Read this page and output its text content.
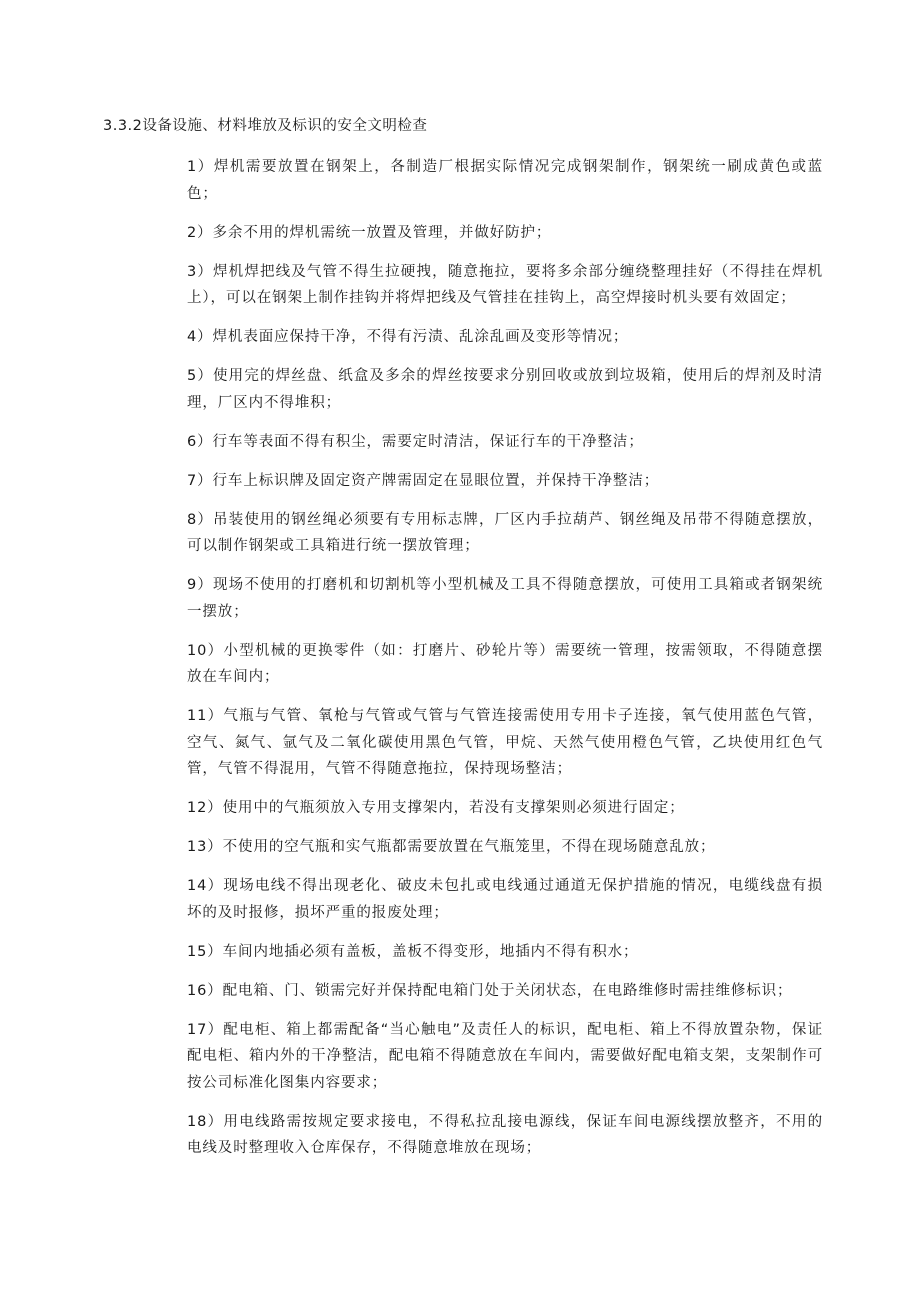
3.3.2设备设施、材料堆放及标识的安全文明检查
1）焊机需要放置在钢架上，各制造厂根据实际情况完成钢架制作，钢架统一刷成黄色或蓝色；
2）多余不用的焊机需统一放置及管理，并做好防护；
3）焊机焊把线及气管不得生拉硬拽，随意拖拉，要将多余部分缠绕整理挂好（不得挂在焊机上），可以在钢架上制作挂钩并将焊把线及气管挂在挂钩上，高空焊接时机头要有效固定；
4）焊机表面应保持干净，不得有污渍、乱涂乱画及变形等情况；
5）使用完的焊丝盘、纸盒及多余的焊丝按要求分别回收或放到垃圾箱，使用后的焊剂及时清理，厂区内不得堆积；
6）行车等表面不得有积尘，需要定时清洁，保证行车的干净整洁；
7）行车上标识牌及固定资产牌需固定在显眼位置，并保持干净整洁；
8）吊装使用的钢丝绳必须要有专用标志牌，厂区内手拉葫芦、钢丝绳及吊带不得随意摆放，可以制作钢架或工具箱进行统一摆放管理；
9）现场不使用的打磨机和切割机等小型机械及工具不得随意摆放，可使用工具箱或者钢架统一摆放；
10）小型机械的更换零件（如：打磨片、砂轮片等）需要统一管理，按需领取，不得随意摆放在车间内；
11）气瓶与气管、氧枪与气管或气管与气管连接需使用专用卡子连接，氧气使用蓝色气管，空气、氮气、氩气及二氧化碳使用黑色气管，甲烷、天然气使用橙色气管，乙块使用红色气管，气管不得混用，气管不得随意拖拉，保持现场整洁；
12）使用中的气瓶须放入专用支撑架内，若没有支撑架则必须进行固定；
13）不使用的空气瓶和实气瓶都需要放置在气瓶笼里，不得在现场随意乱放；
14）现场电线不得出现老化、破皮未包扎或电线通过通道无保护措施的情况，电缆线盘有损坏的及时报修，损坏严重的报废处理；
15）车间内地插必须有盖板，盖板不得变形，地插内不得有积水；
16）配电箱、门、锁需完好并保持配电箱门处于关闭状态，在电路维修时需挂维修标识；
17）配电柜、箱上都需配备“当心触电”及责任人的标识，配电柜、箱上不得放置杂物，保证配电柜、箱内外的干净整洁，配电箱不得随意放在车间内，需要做好配电箱支架，支架制作可按公司标准化图集内容要求；
18）用电线路需按规定要求接电，不得私拉乱接电源线，保证车间电源线摆放整齐，不用的电线及时整理收入仓库保存，不得随意堆放在现场；
